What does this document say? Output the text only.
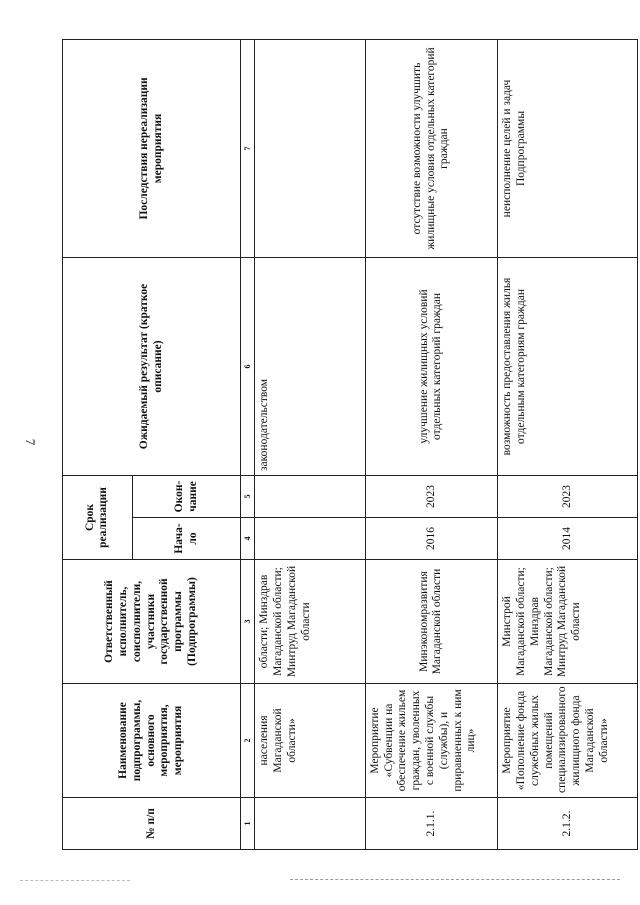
7
№ п/п	Наименование подпрограммы, основного мероприятия, мероприятия	Ответственный исполнитель, соисполнители, участники государственной программы (Подпрограммы)	Срок реализации		Ожидаемый результат (краткое описание)	Последствия нереализации мероприятия
			Нача-ло	Окон-чание		
1	2	3	4	5	6	7
	населения Магаданской области»	области; Минздрав Магаданской области; Минтруд Магаданской области			законодательством	
2.1.1.	Мероприятие «Субвенции на обеспечение жильем граждан, уволенных с военной службы (службы), и приравненных к ним лиц»	Минэкономразвития Магаданской области	2016	2023	улучшение жилищных условий отдельных категорий граждан	отсутствие возможности улучшить жилищные условия отдельных категорий граждан
2.1.2.	Мероприятие «Пополнение фонда служебных жилых помещений специализированного жилищного фонда Магаданской области»	Минстрой Магаданской области; Минздрав Магаданской области; Минтруд Магаданской области	2014	2023	возможность предоставления жилья отдельным категориям граждан	неисполнение целей и задач Подпрограммы
